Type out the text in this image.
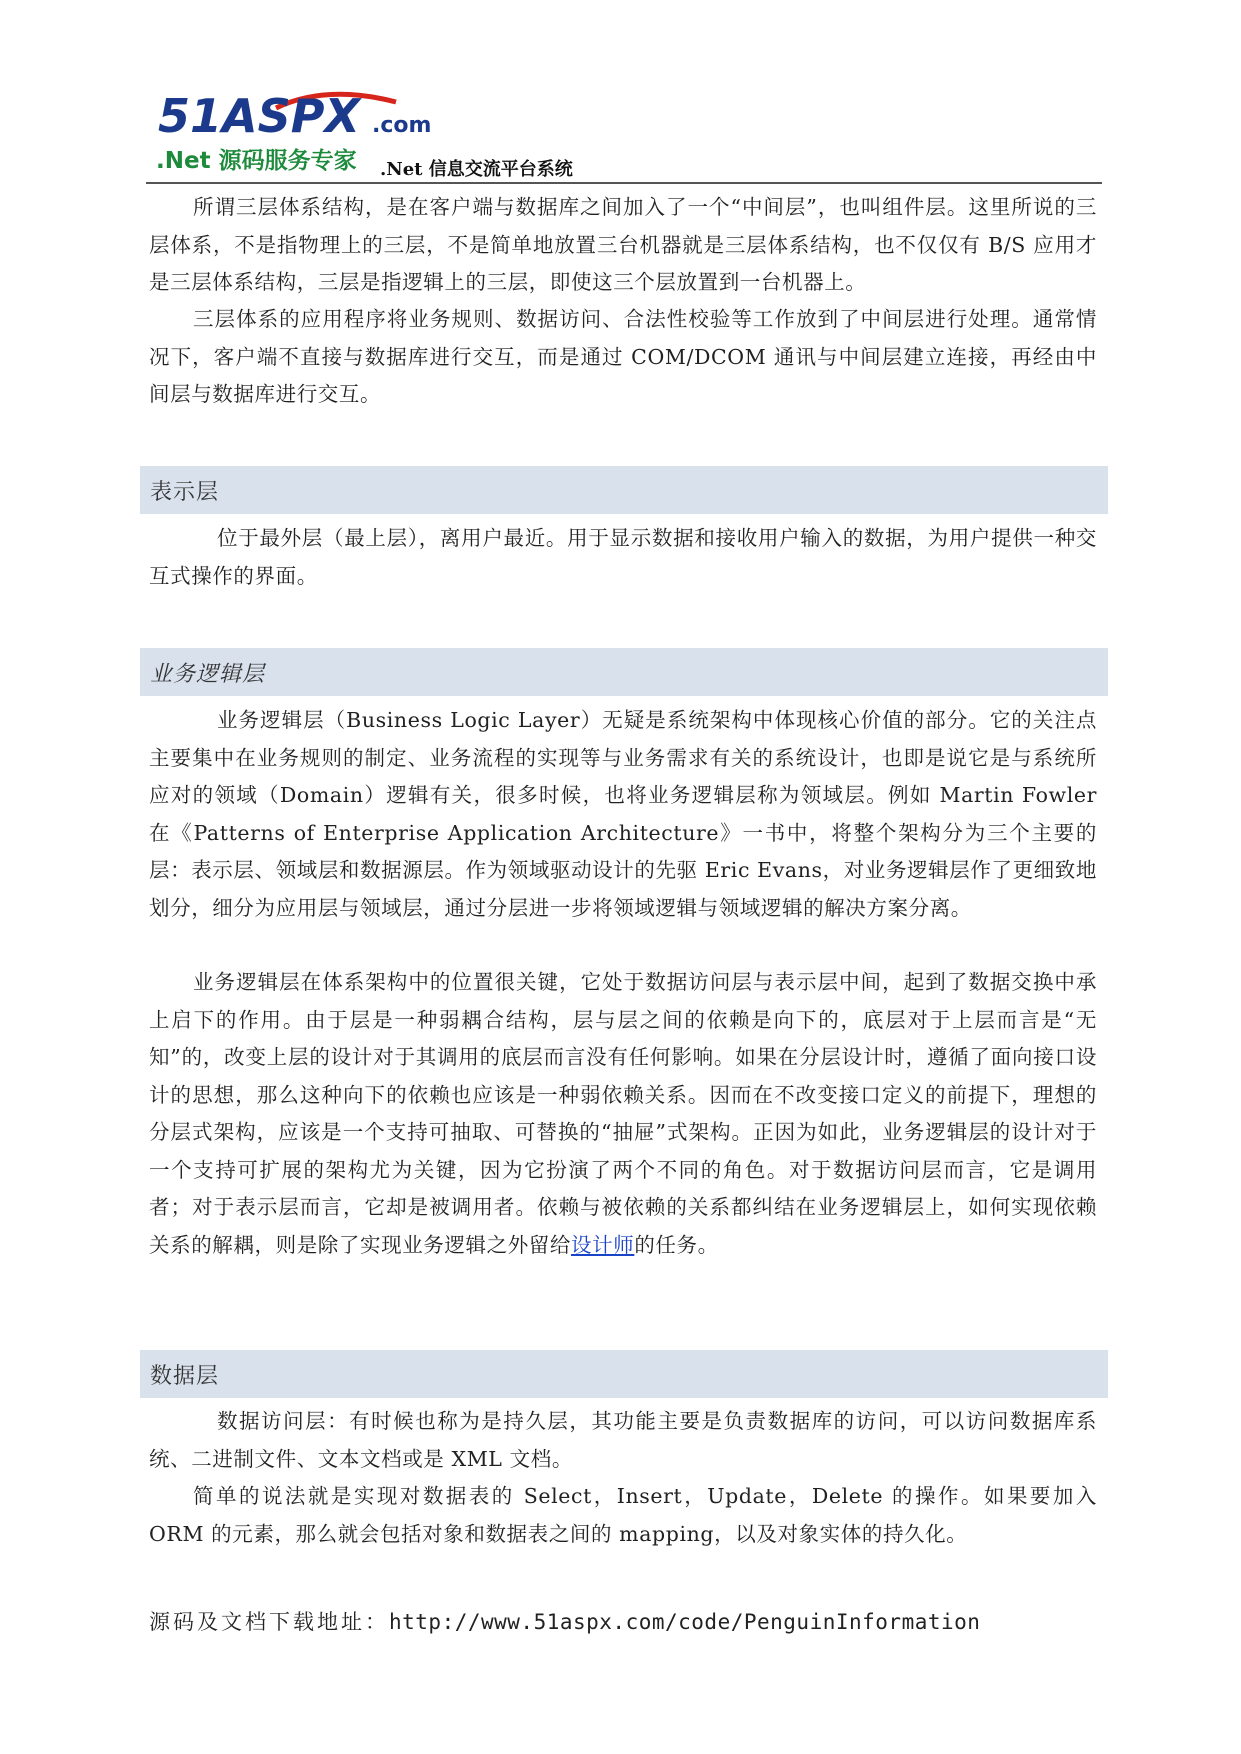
51ASPX .com
.Net 源码服务专家 .Net 信息交流平台系统

所谓三层体系结构，是在客户端与数据库之间加入了一个“中间层”，也叫组件层。这里所说的三层体系，不是指物理上的三层，不是简单地放置三台机器就是三层体系结构，也不仅仅有 B/S 应用才是三层体系结构，三层是指逻辑上的三层，即使这三个层放置到一台机器上。

三层体系的应用程序将业务规则、数据访问、合法性校验等工作放到了中间层进行处理。通常情况下，客户端不直接与数据库进行交互，而是通过 COM/DCOM 通讯与中间层建立连接，再经由中间层与数据库进行交互。

表示层

位于最外层（最上层），离用户最近。用于显示数据和接收用户输入的数据，为用户提供一种交互式操作的界面。

业务逻辑层

业务逻辑层（Business Logic Layer）无疑是系统架构中体现核心价值的部分。它的关注点主要集中在业务规则的制定、业务流程的实现等与业务需求有关的系统设计，也即是说它是与系统所应对的领域（Domain）逻辑有关，很多时候，也将业务逻辑层称为领域层。例如 Martin Fowler 在《Patterns of Enterprise Application Architecture》一书中，将整个架构分为三个主要的层：表示层、领域层和数据源层。作为领域驱动设计的先驱 Eric Evans，对业务逻辑层作了更细致地划分，细分为应用层与领域层，通过分层进一步将领域逻辑与领域逻辑的解决方案分离。

业务逻辑层在体系架构中的位置很关键，它处于数据访问层与表示层中间，起到了数据交换中承上启下的作用。由于层是一种弱耦合结构，层与层之间的依赖是向下的，底层对于上层而言是“无知”的，改变上层的设计对于其调用的底层而言没有任何影响。如果在分层设计时，遵循了面向接口设计的思想，那么这种向下的依赖也应该是一种弱依赖关系。因而在不改变接口定义的前提下，理想的分层式架构，应该是一个支持可抽取、可替换的“抽屉”式架构。正因为如此，业务逻辑层的设计对于一个支持可扩展的架构尤为关键，因为它扮演了两个不同的角色。对于数据访问层而言，它是调用者；对于表示层而言，它却是被调用者。依赖与被依赖的关系都纠结在业务逻辑层上，如何实现依赖关系的解耦，则是除了实现业务逻辑之外留给设计师的任务。

数据层

数据访问层：有时候也称为是持久层，其功能主要是负责数据库的访问，可以访问数据库系统、二进制文件、文本文档或是 XML 文档。

简单的说法就是实现对数据表的 Select，Insert，Update，Delete 的操作。如果要加入 ORM 的元素，那么就会包括对象和数据表之间的 mapping，以及对象实体的持久化。

源码及文档下载地址：http://www.51aspx.com/code/PenguinInformation
